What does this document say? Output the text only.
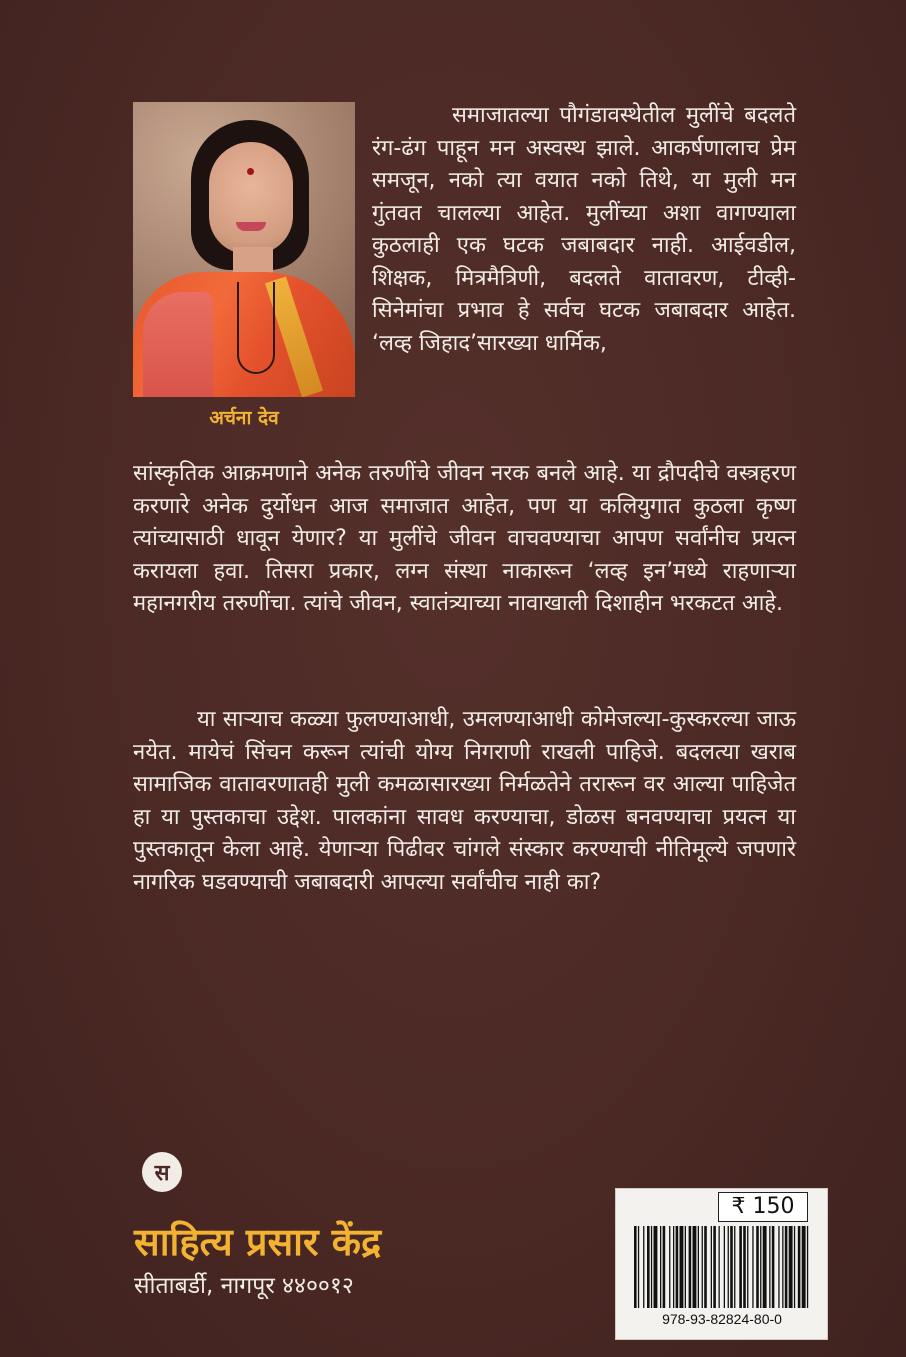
अर्चना देव
समाजातल्या पौगंडावस्थेतील मुलींचे बदलते रंग-ढंग पाहून मन अस्वस्थ झाले. आकर्षणालाच प्रेम समजून, नको त्या वयात नको तिथे, या मुली मन गुंतवत चालल्या आहेत. मुलींच्या अशा वागण्याला कुठलाही एक घटक जबाबदार नाही. आईवडील, शिक्षक, मित्रमैत्रिणी, बदलते वातावरण, टीव्ही-सिनेमांचा प्रभाव हे सर्वच घटक जबाबदार आहेत. ‘लव्ह जिहाद’सारख्या धार्मिक,
सांस्कृतिक आक्रमणाने अनेक तरुणींचे जीवन नरक बनले आहे. या द्रौपदीचे वस्त्रहरण करणारे अनेक दुर्योधन आज समाजात आहेत, पण या कलियुगात कुठला कृष्ण त्यांच्यासाठी धावून येणार? या मुलींचे जीवन वाचवण्याचा आपण सर्वांनीच प्रयत्न करायला हवा. तिसरा प्रकार, लग्न संस्था नाकारून ‘लव्ह इन’मध्ये राहणाऱ्या महानगरीय तरुणींचा. त्यांचे जीवन, स्वातंत्र्याच्या नावाखाली दिशाहीन भरकटत आहे.
या साऱ्याच कळ्या फुलण्याआधी, उमलण्याआधी कोमेजल्या-कुस्करल्या जाऊ नयेत. मायेचं सिंचन करून त्यांची योग्य निगराणी राखली पाहिजे. बदलत्या खराब सामाजिक वातावरणातही मुली कमळासारख्या निर्मळतेने तरारून वर आल्या पाहिजेत हा या पुस्तकाचा उद्देश. पालकांना सावध करण्याचा, डोळस बनवण्याचा प्रयत्न या पुस्तकातून केला आहे. येणाऱ्या पिढीवर चांगले संस्कार करण्याची नीतिमूल्ये जपणारे नागरिक घडवण्याची जबाबदारी आपल्या सर्वांचीच नाही का?
स
साहित्य प्रसार केंद्र
सीताबर्डी, नागपूर ४४००१२
₹ 150
978-93-82824-80-0
